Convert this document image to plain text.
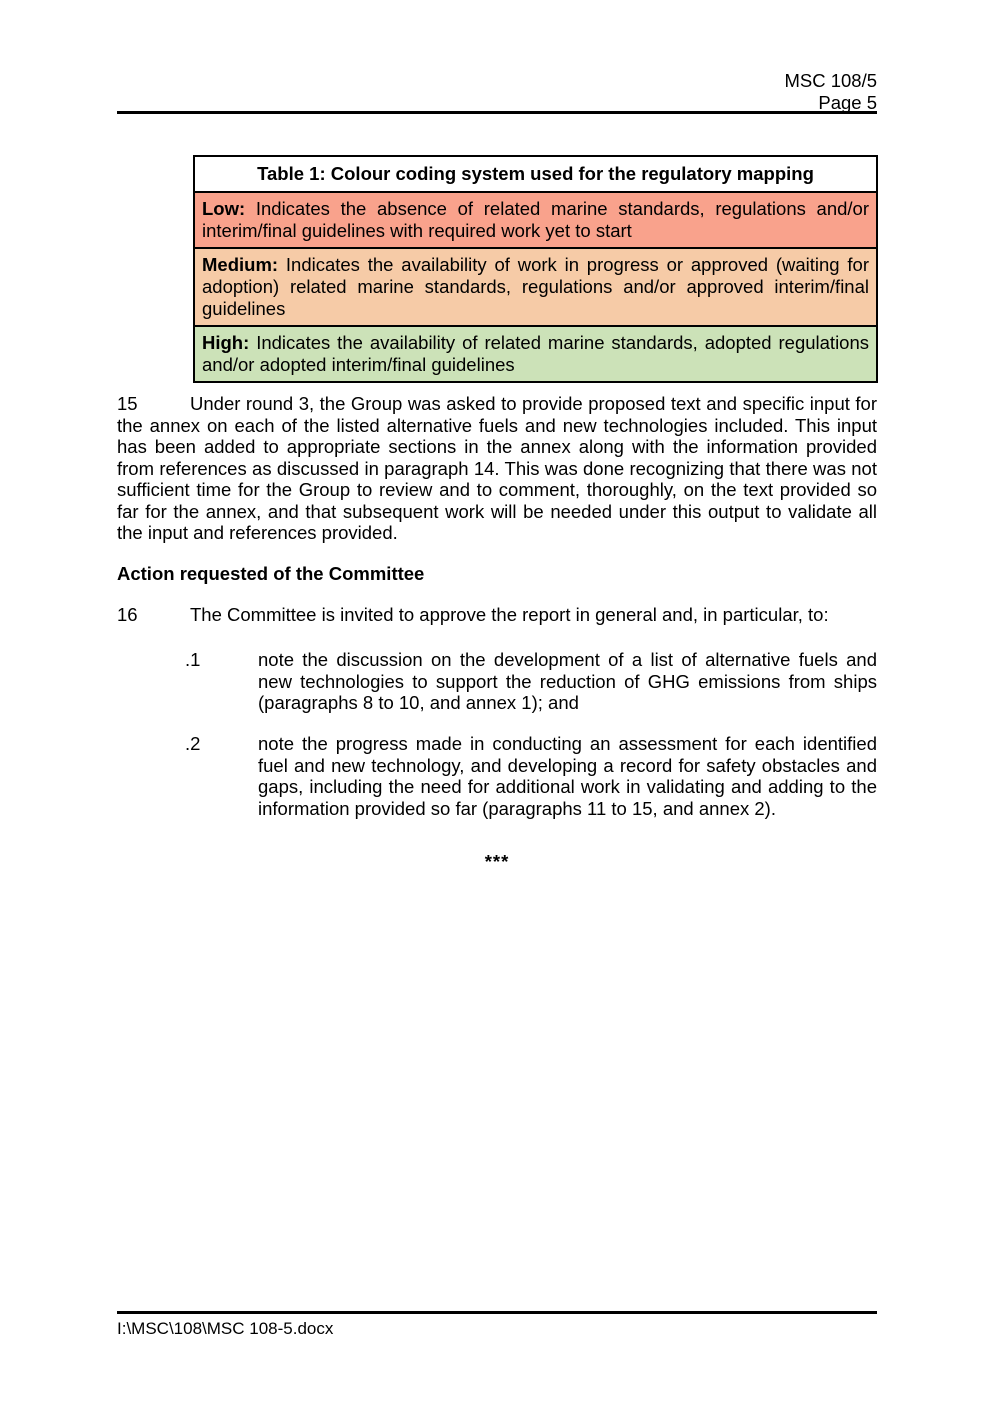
MSC 108/5
Page 5
Table 1: Colour coding system used for the regulatory mapping
Low: Indicates the absence of related marine standards, regulations and/or interim/final guidelines with required work yet to start
Medium: Indicates the availability of work in progress or approved (waiting for adoption) related marine standards, regulations and/or approved interim/final guidelines
High: Indicates the availability of related marine standards, adopted regulations and/or adopted interim/final guidelines

15	Under round 3, the Group was asked to provide proposed text and specific input for the annex on each of the listed alternative fuels and new technologies included. This input has been added to appropriate sections in the annex along with the information provided from references as discussed in paragraph 14. This was done recognizing that there was not sufficient time for the Group to review and to comment, thoroughly, on the text provided so far for the annex, and that subsequent work will be needed under this output to validate all the input and references provided.

Action requested of the Committee

16	The Committee is invited to approve the report in general and, in particular, to:

.1	note the discussion on the development of a list of alternative fuels and new technologies to support the reduction of GHG emissions from ships (paragraphs 8 to 10, and annex 1); and

.2	note the progress made in conducting an assessment for each identified fuel and new technology, and developing a record for safety obstacles and gaps, including the need for additional work in validating and adding to the information provided so far (paragraphs 11 to 15, and annex 2).

***
I:\MSC\108\MSC 108-5.docx
